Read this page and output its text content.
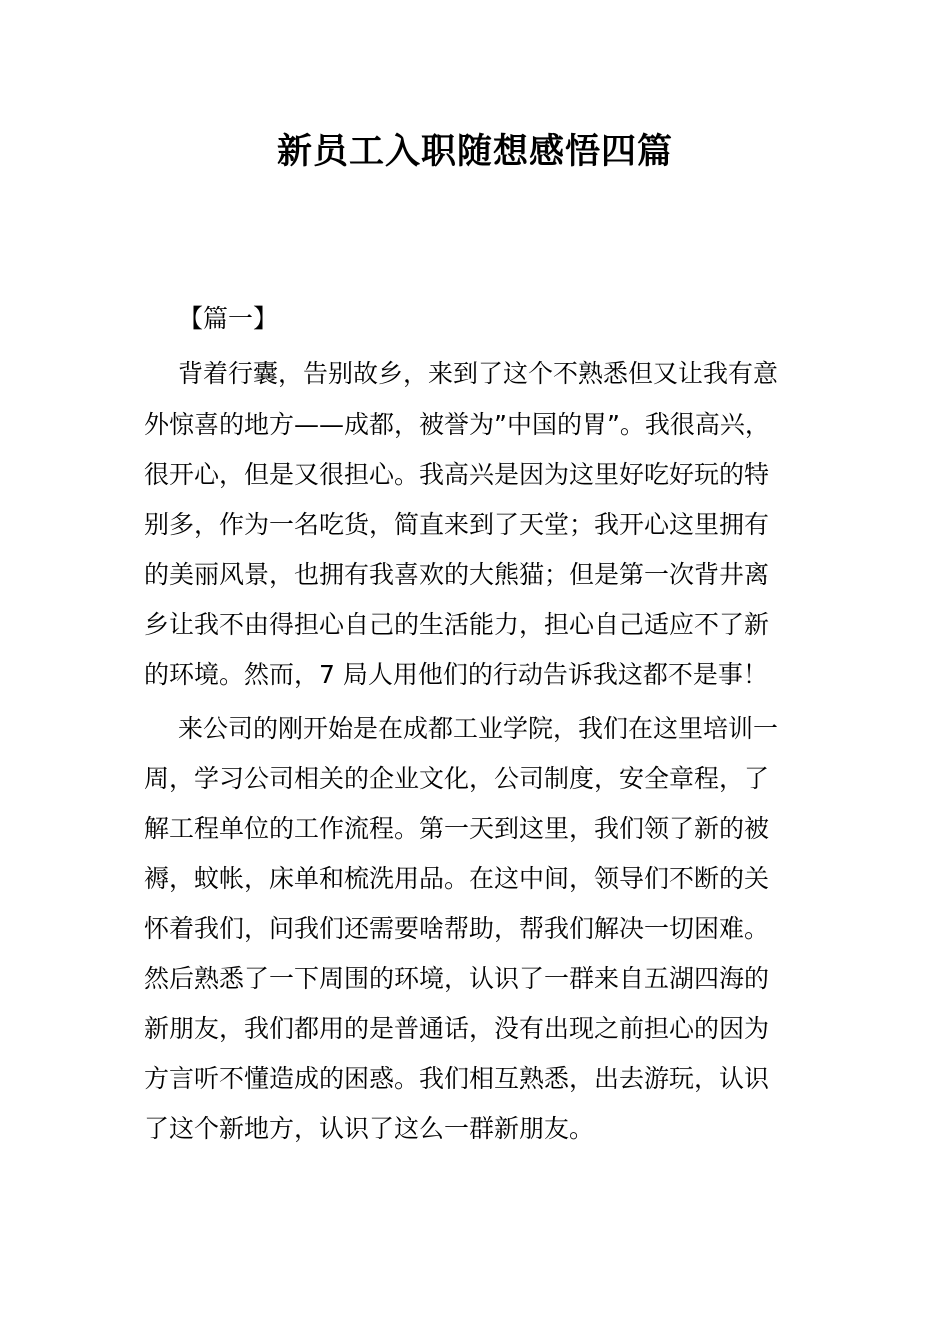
新员工入职随想感悟四篇
【篇一】
背着行囊，告别故乡，来到了这个不熟悉但又让我有意
外惊喜的地方——成都，被誉为”中国的胃”。我很高兴，
很开心，但是又很担心。我高兴是因为这里好吃好玩的特
别多，作为一名吃货，简直来到了天堂；我开心这里拥有
的美丽风景，也拥有我喜欢的大熊猫；但是第一次背井离
乡让我不由得担心自己的生活能力，担心自己适应不了新
的环境。然而，7 局人用他们的行动告诉我这都不是事！
来公司的刚开始是在成都工业学院，我们在这里培训一
周，学习公司相关的企业文化，公司制度，安全章程，了
解工程单位的工作流程。第一天到这里，我们领了新的被
褥，蚊帐，床单和梳洗用品。在这中间，领导们不断的关
怀着我们，问我们还需要啥帮助，帮我们解决一切困难。
然后熟悉了一下周围的环境，认识了一群来自五湖四海的
新朋友，我们都用的是普通话，没有出现之前担心的因为
方言听不懂造成的困惑。我们相互熟悉，出去游玩，认识
了这个新地方，认识了这么一群新朋友。
